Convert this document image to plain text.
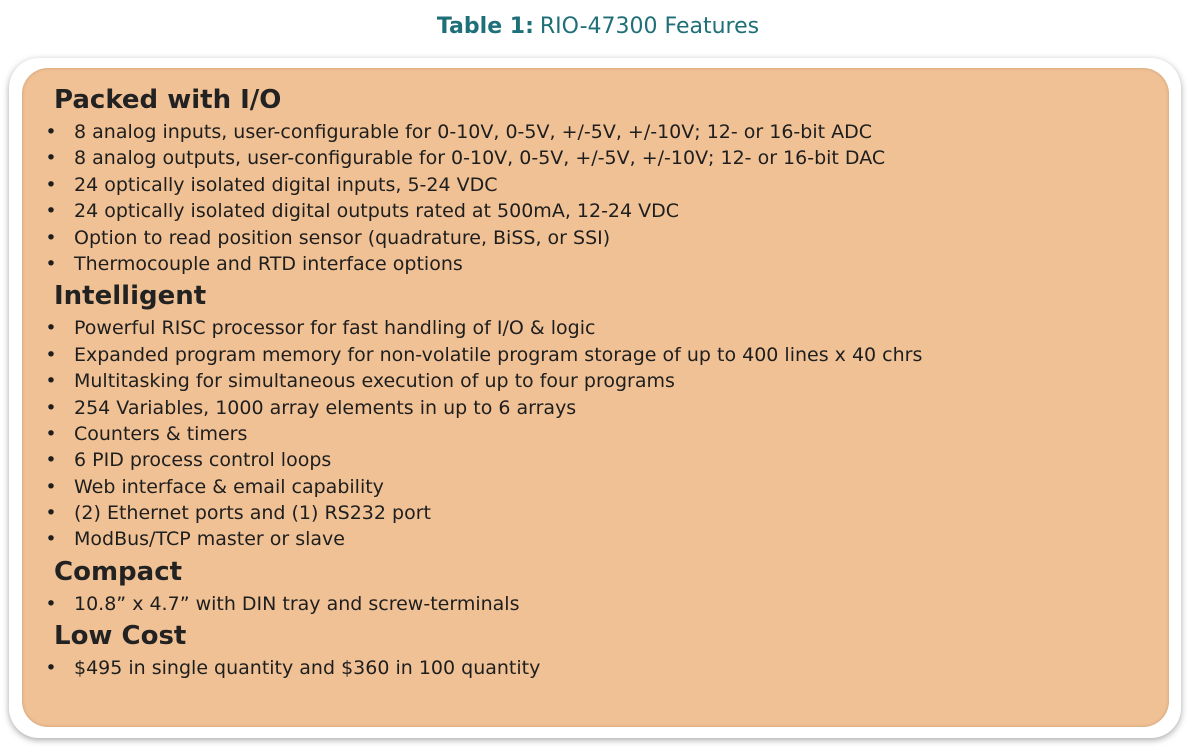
Table 1: RIO-47300 Features
Packed with I/O
• 8 analog inputs, user-configurable for 0-10V, 0-5V, +/-5V, +/-10V; 12- or 16-bit ADC
• 8 analog outputs, user-configurable for 0-10V, 0-5V, +/-5V, +/-10V; 12- or 16-bit DAC
• 24 optically isolated digital inputs, 5-24 VDC
• 24 optically isolated digital outputs rated at 500mA, 12-24 VDC
• Option to read position sensor (quadrature, BiSS, or SSI)
• Thermocouple and RTD interface options
Intelligent
• Powerful RISC processor for fast handling of I/O & logic
• Expanded program memory for non-volatile program storage of up to 400 lines x 40 chrs
• Multitasking for simultaneous execution of up to four programs
• 254 Variables, 1000 array elements in up to 6 arrays
• Counters & timers
• 6 PID process control loops
• Web interface & email capability
• (2) Ethernet ports and (1) RS232 port
• ModBus/TCP master or slave
Compact
• 10.8” x 4.7” with DIN tray and screw-terminals
Low Cost
• $495 in single quantity and $360 in 100 quantity
